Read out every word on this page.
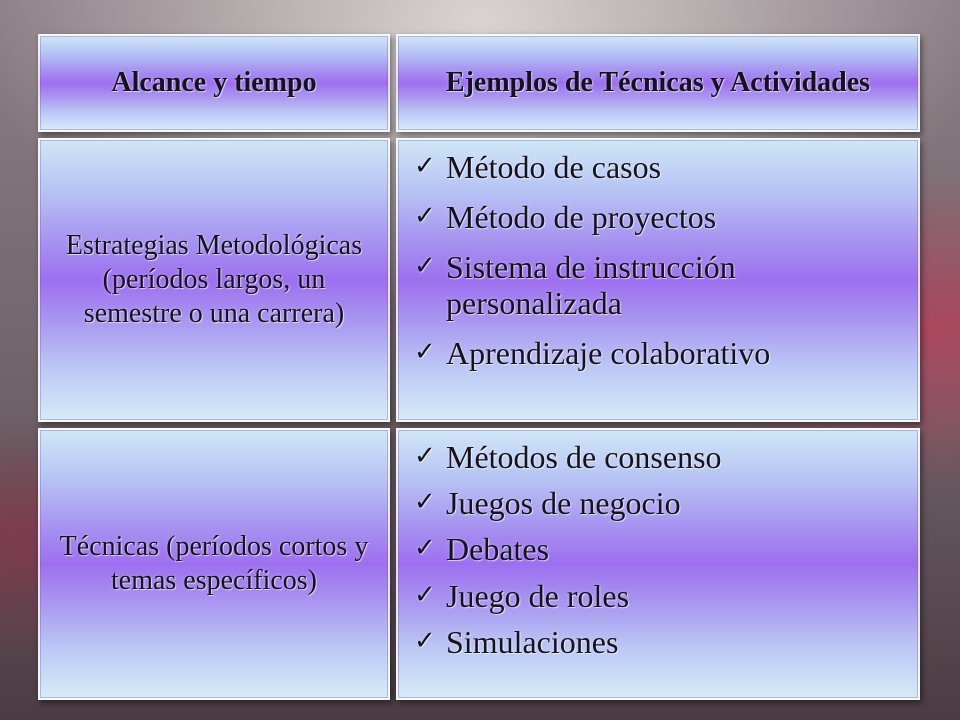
Alcance y tiempo	Ejemplos de Técnicas y Actividades
Estrategias Metodológicas (períodos largos, un semestre o una carrera)
✓ Método de casos
✓ Método de proyectos
✓ Sistema de instrucción personalizada
✓ Aprendizaje colaborativo
Técnicas (períodos cortos y temas específicos)
✓ Métodos de consenso
✓ Juegos de negocio
✓ Debates
✓ Juego de roles
✓ Simulaciones
